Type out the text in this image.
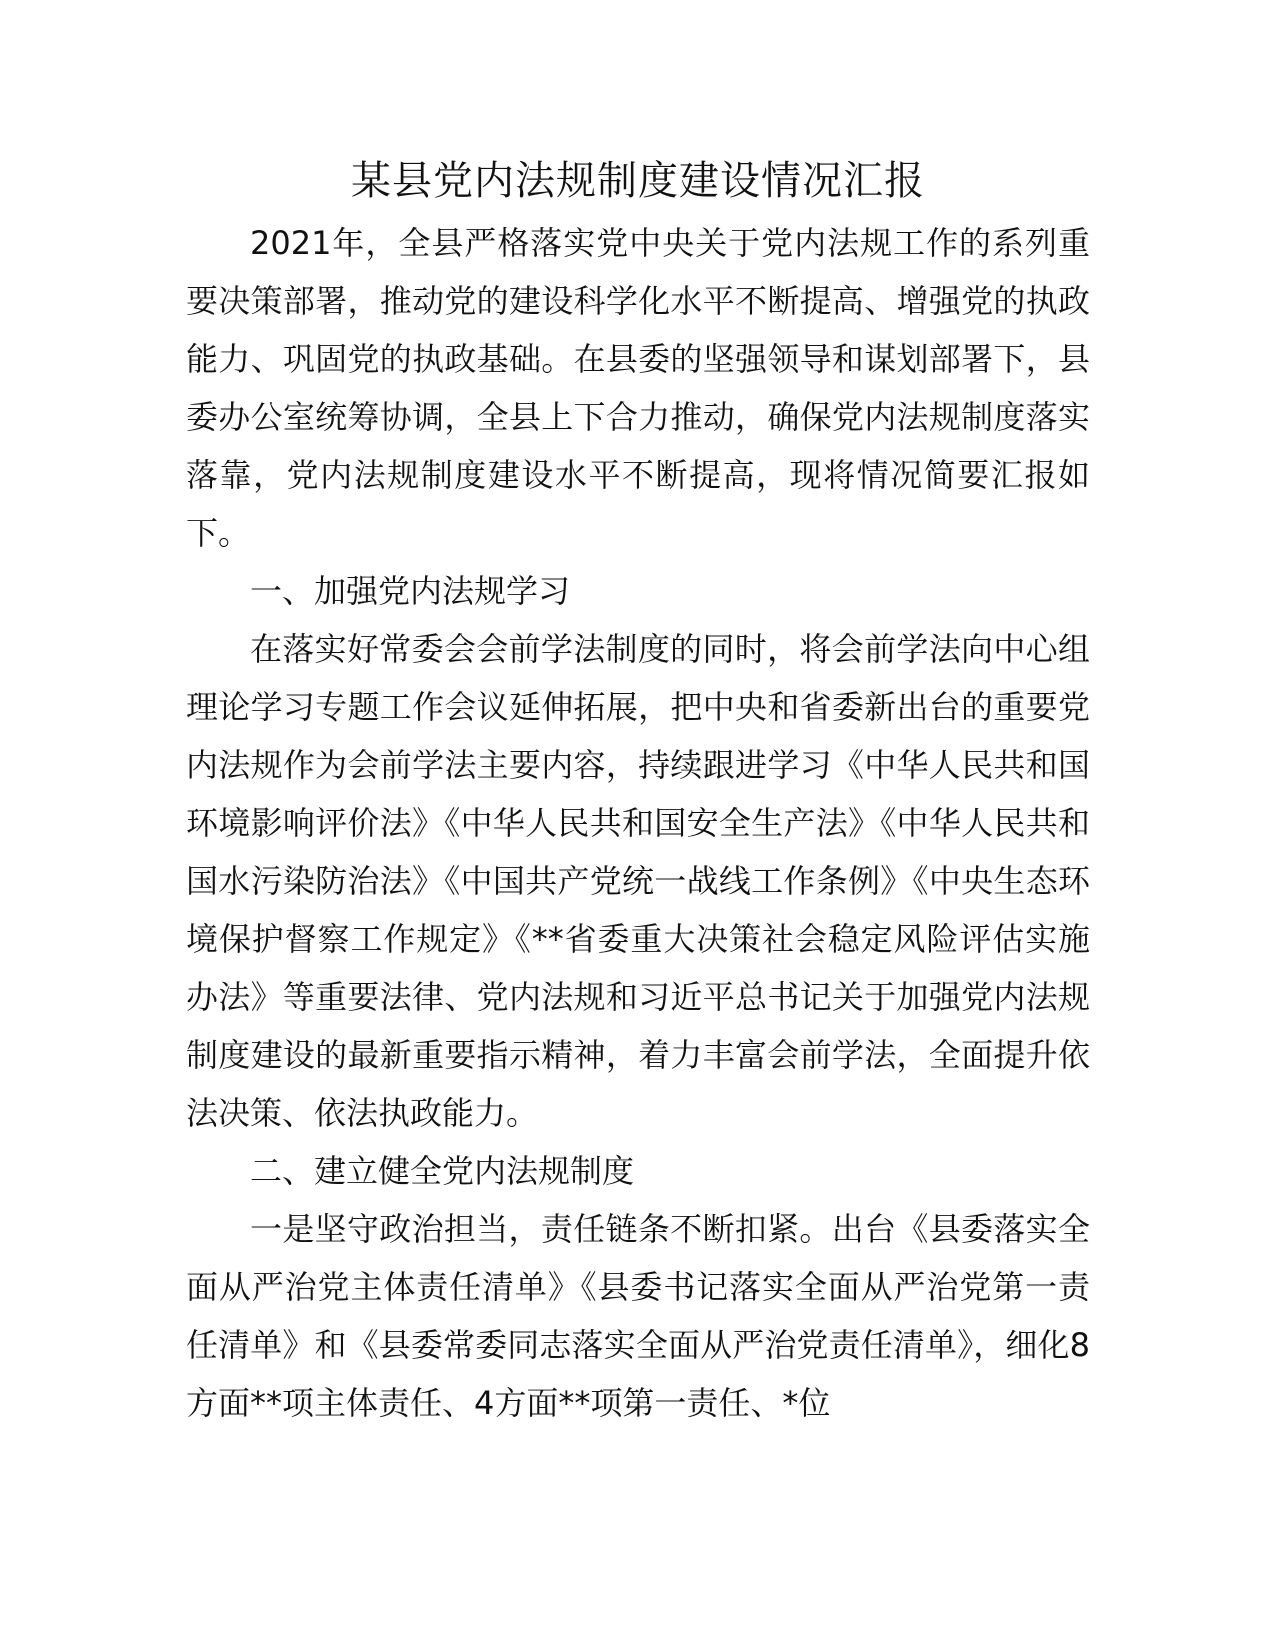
某县党内法规制度建设情况汇报

2021年，全县严格落实党中央关于党内法规工作的系列重要决策部署，推动党的建设科学化水平不断提高、增强党的执政能力、巩固党的执政基础。在县委的坚强领导和谋划部署下，县委办公室统筹协调，全县上下合力推动，确保党内法规制度落实落靠，党内法规制度建设水平不断提高，现将情况简要汇报如下。

一、加强党内法规学习

在落实好常委会会前学法制度的同时，将会前学法向中心组理论学习专题工作会议延伸拓展，把中央和省委新出台的重要党内法规作为会前学法主要内容，持续跟进学习《中华人民共和国环境影响评价法》《中华人民共和国安全生产法》《中华人民共和国水污染防治法》《中国共产党统一战线工作条例》《中央生态环境保护督察工作规定》《**省委重大决策社会稳定风险评估实施办法》等重要法律、党内法规和习近平总书记关于加强党内法规制度建设的最新重要指示精神，着力丰富会前学法，全面提升依法决策、依法执政能力。

二、建立健全党内法规制度

一是坚守政治担当，责任链条不断扣紧。出台《县委落实全面从严治党主体责任清单》《县委书记落实全面从严治党第一责任清单》和《县委常委同志落实全面从严治党责任清单》，细化8方面**项主体责任、4方面**项第一责任、*位
